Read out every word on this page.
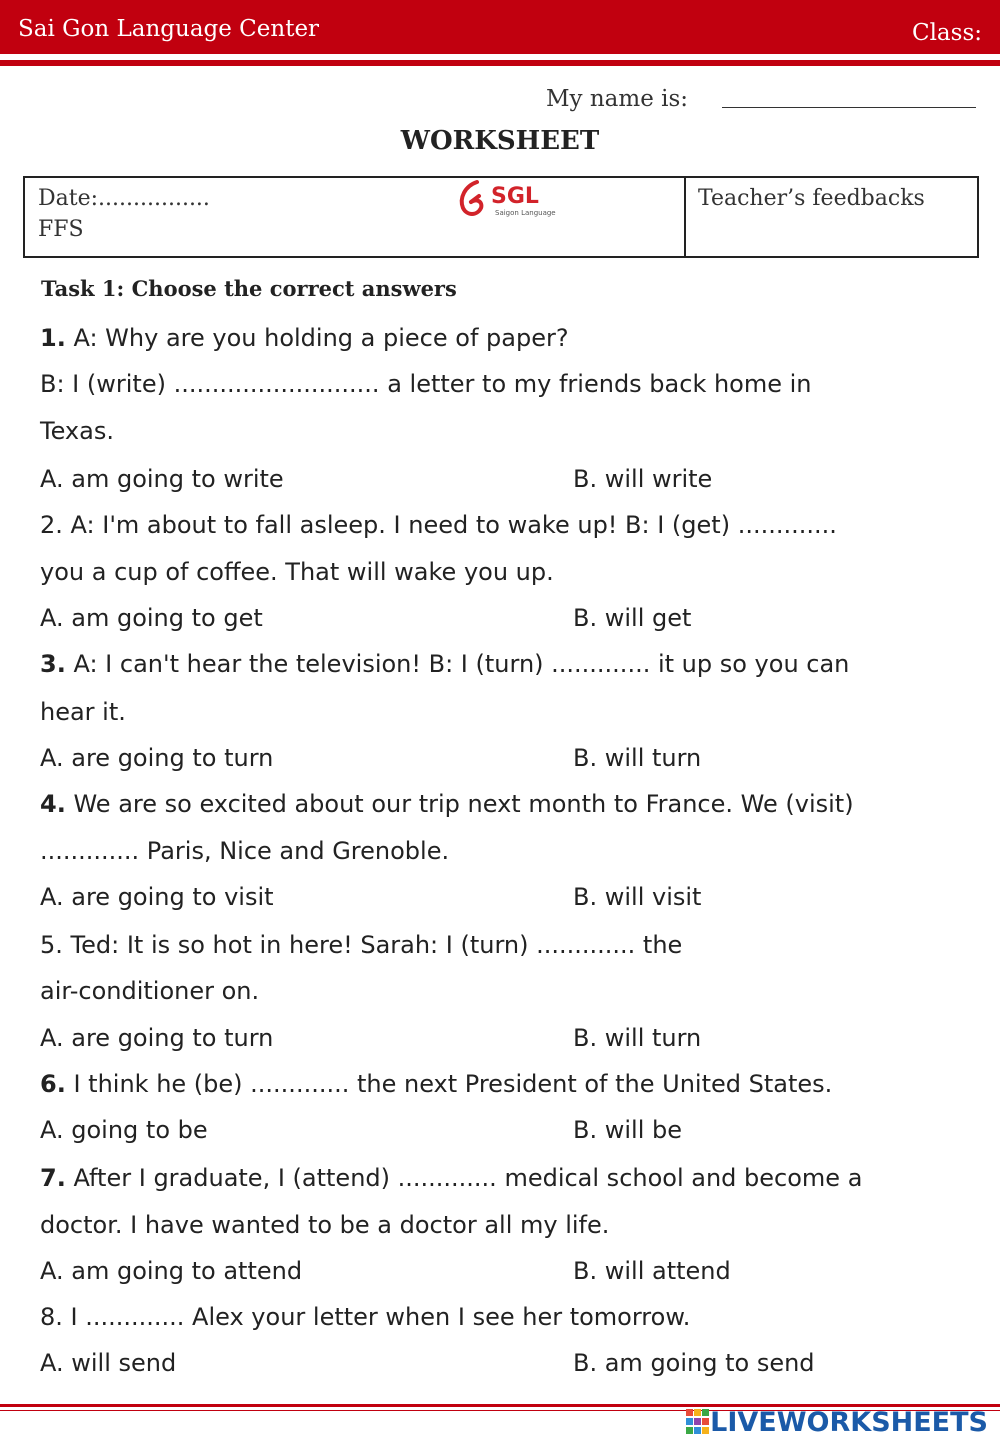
Sai Gon Language Center	Class:
My name is:
WORKSHEET
Date:................
FFS
SGL
Saigon Language
Teacher’s feedbacks
Task 1: Choose the correct answers
1. A: Why are you holding a piece of paper?
B: I (write) ........................... a letter to my friends back home in
Texas.
A. am going to write	B. will write
2. A: I'm about to fall asleep. I need to wake up! B: I (get) .............
you a cup of coffee. That will wake you up.
A. am going to get	B. will get
3. A: I can't hear the television! B: I (turn) ............. it up so you can
hear it.
A. are going to turn	B. will turn
4. We are so excited about our trip next month to France. We (visit)
............. Paris, Nice and Grenoble.
A. are going to visit	B. will visit
5. Ted: It is so hot in here! Sarah: I (turn) ............. the
air-conditioner on.
A. are going to turn	B. will turn
6. I think he (be) ............. the next President of the United States.
A. going to be	B. will be
7. After I graduate, I (attend) ............. medical school and become a
doctor. I have wanted to be a doctor all my life.
A. am going to attend	B. will attend
8. I ............. Alex your letter when I see her tomorrow.
A. will send	B. am going to send
LIVEWORKSHEETS
